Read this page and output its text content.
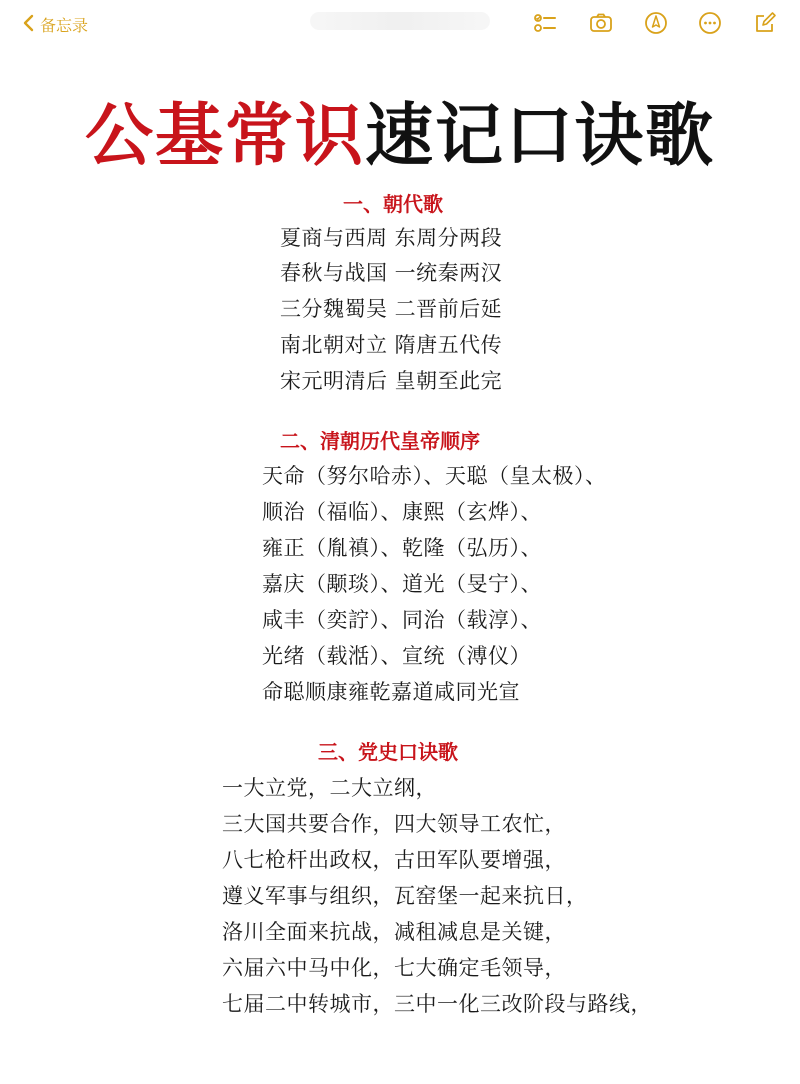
备忘录
公基常识速记口诀歌
一、朝代歌
夏商与西周 东周分两段
春秋与战国 一统秦两汉
三分魏蜀吴 二晋前后延
南北朝对立 隋唐五代传
宋元明清后 皇朝至此完
二、清朝历代皇帝顺序
天命（努尔哈赤）、天聪（皇太极）、
顺治（福临）、康熙（玄烨）、
雍正（胤禛）、乾隆（弘历）、
嘉庆（颙琰）、道光（旻宁）、
咸丰（奕詝）、同治（载淳）、
光绪（载湉）、宣统（溥仪）
命聪顺康雍乾嘉道咸同光宣
三、党史口诀歌
一大立党，二大立纲，
三大国共要合作，四大领导工农忙，
八七枪杆出政权，古田军队要增强，
遵义军事与组织，瓦窑堡一起来抗日，
洛川全面来抗战，减租减息是关键，
六届六中马中化，七大确定毛领导，
七届二中转城市，三中一化三改阶段与路线，
